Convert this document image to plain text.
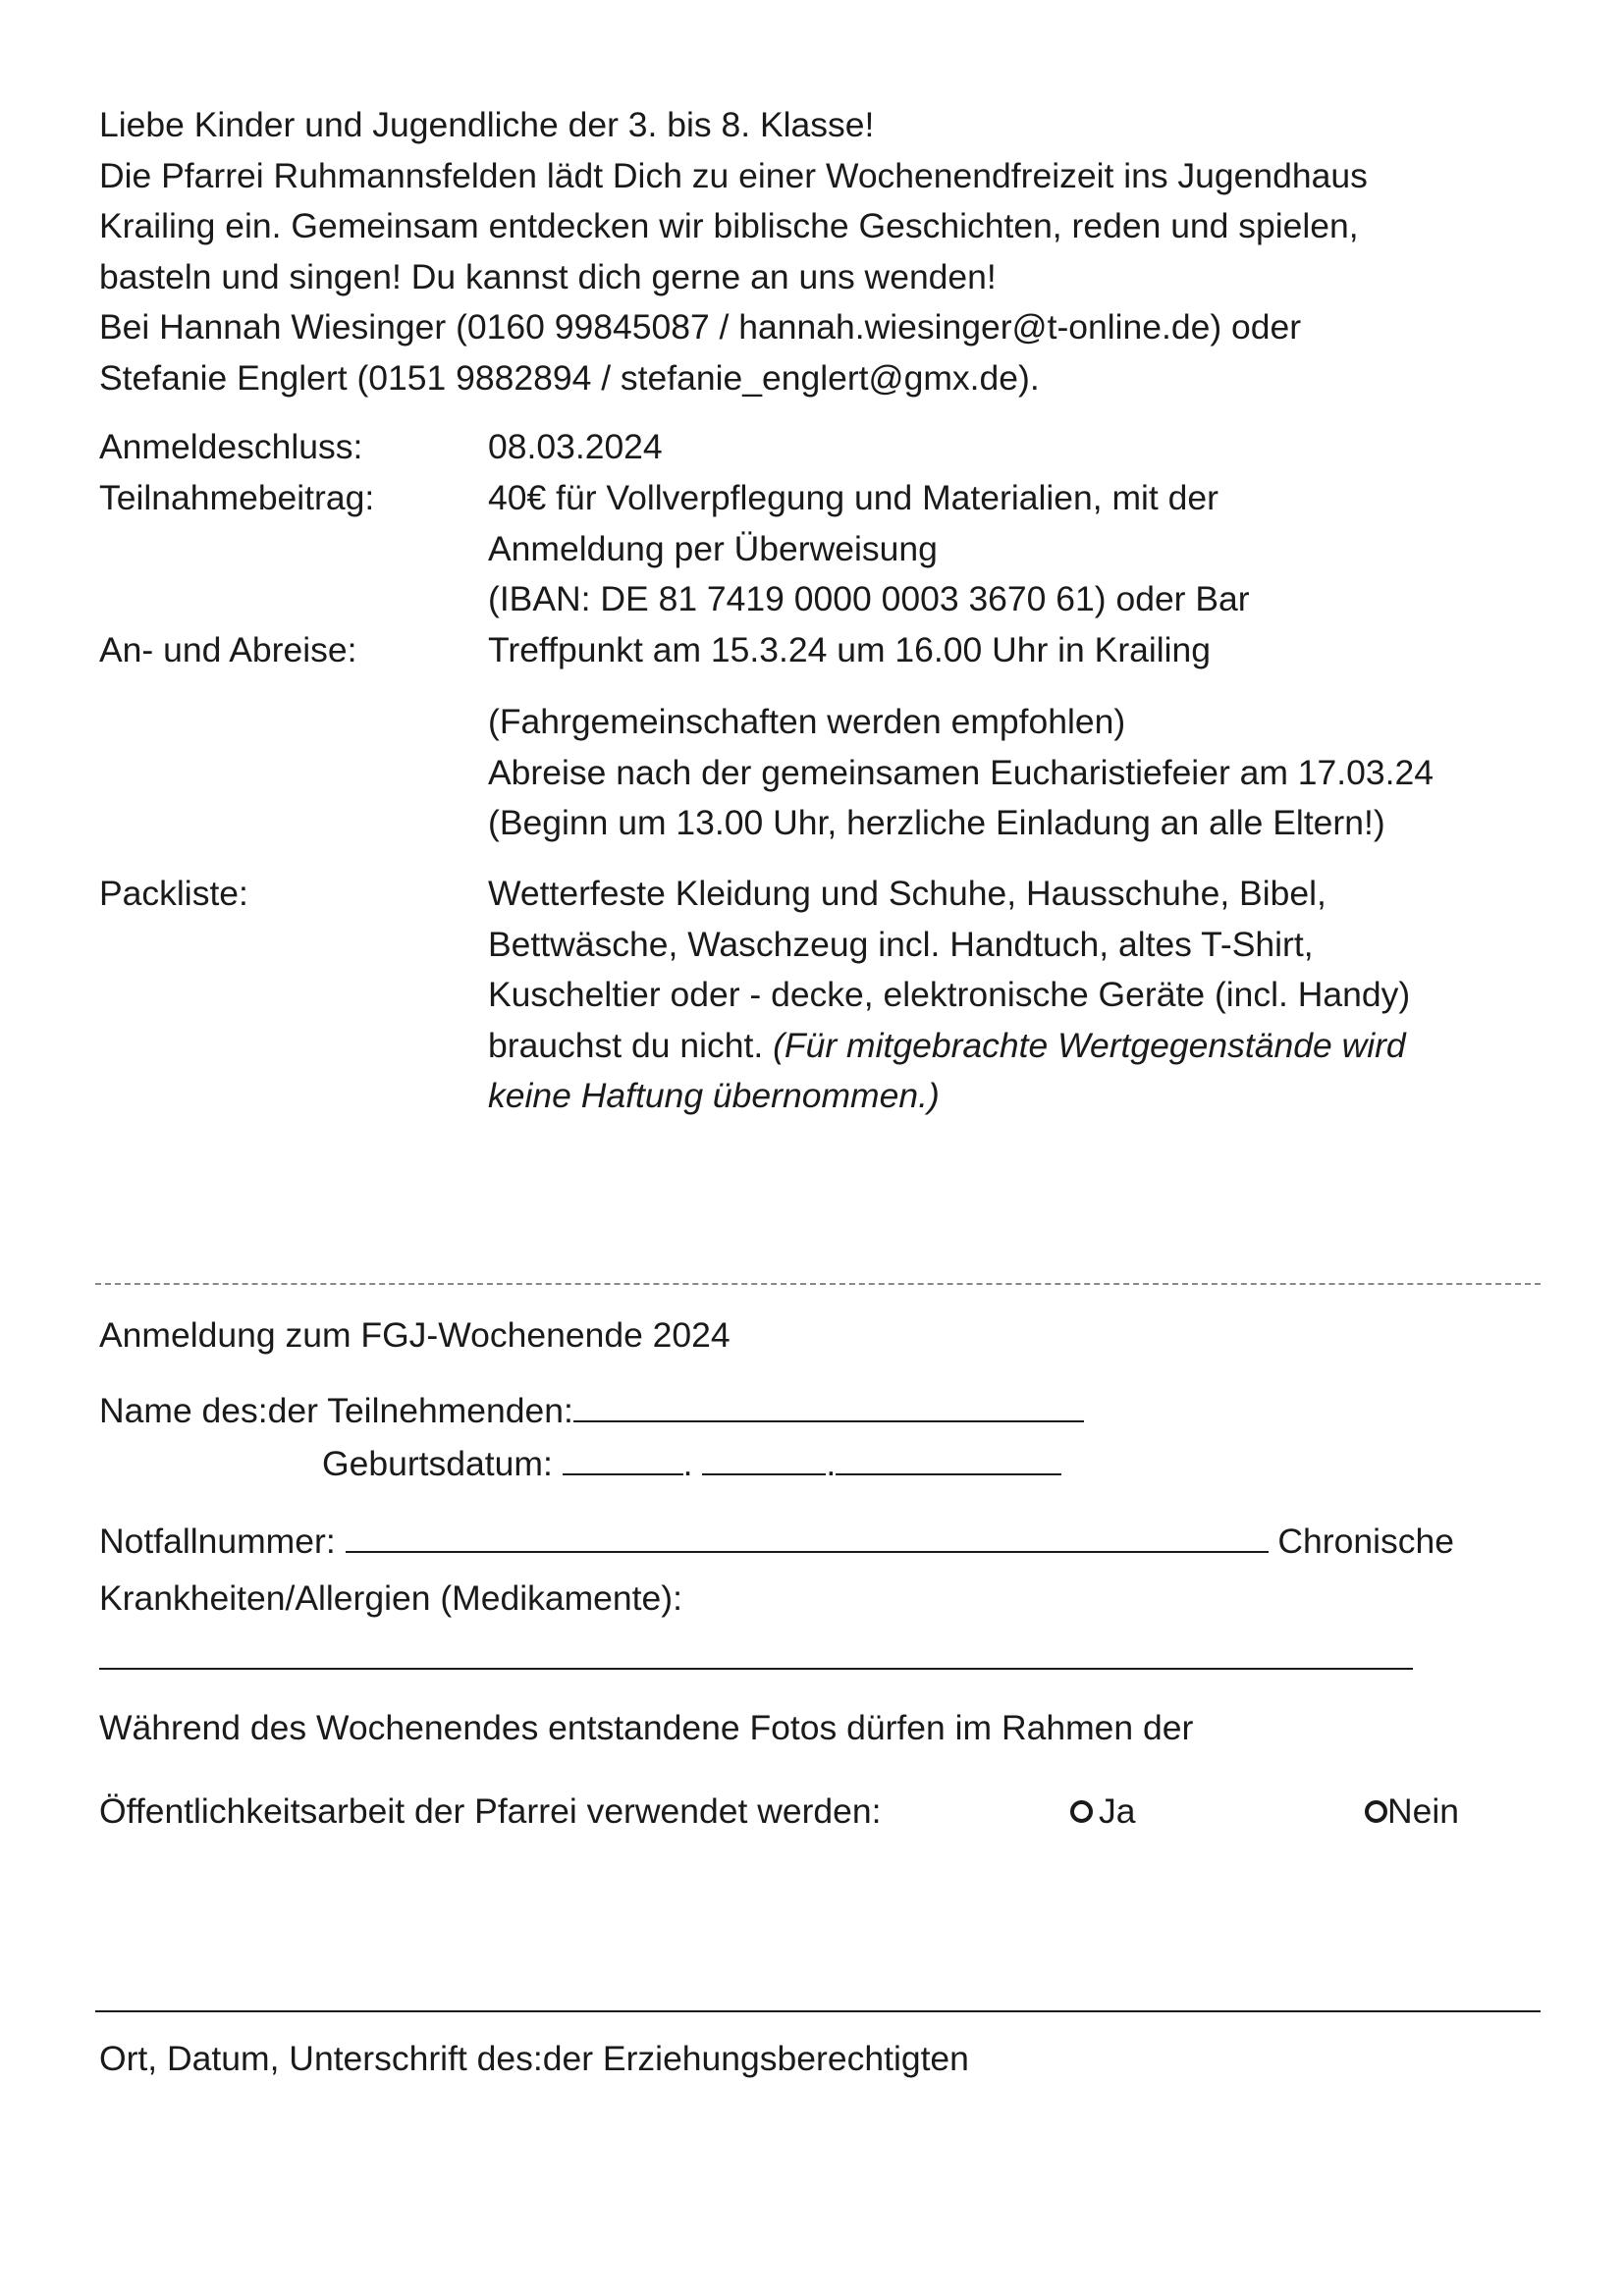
Liebe Kinder und Jugendliche der 3. bis 8. Klasse!
Die Pfarrei Ruhmannsfelden lädt Dich zu einer Wochenendfreizeit ins Jugendhaus
Krailing ein. Gemeinsam entdecken wir biblische Geschichten, reden und spielen,
basteln und singen! Du kannst dich gerne an uns wenden!
Bei Hannah Wiesinger (0160 99845087 / hannah.wiesinger@t-online.de) oder
Stefanie Englert (0151 9882894 / stefanie_englert@gmx.de).
Anmeldeschluss:	08.03.2024
Teilnahmebeitrag:	40€ für Vollverpflegung und Materialien, mit der
Anmeldung per Überweisung
(IBAN: DE 81 7419 0000 0003 3670 61) oder Bar
An- und Abreise:	Treffpunkt am 15.3.24 um 16.00 Uhr in Krailing
(Fahrgemeinschaften werden empfohlen)
Abreise nach der gemeinsamen Eucharistiefeier am 17.03.24
(Beginn um 13.00 Uhr, herzliche Einladung an alle Eltern!)
Packliste:	Wetterfeste Kleidung und Schuhe, Hausschuhe, Bibel,
Bettwäsche, Waschzeug incl. Handtuch, altes T-Shirt,
Kuscheltier oder - decke, elektronische Geräte (incl. Handy)
brauchst du nicht. (Für mitgebrachte Wertgegenstände wird
keine Haftung übernommen.)
Anmeldung zum FGJ-Wochenende 2024
Name des:der Teilnehmenden:
Geburtsdatum:	.	.
Notfallnummer:	Chronische
Krankheiten/Allergien (Medikamente):
Während des Wochenendes entstandene Fotos dürfen im Rahmen der
Öffentlichkeitsarbeit der Pfarrei verwendet werden:	Ja	Nein
Ort, Datum, Unterschrift des:der Erziehungsberechtigten
